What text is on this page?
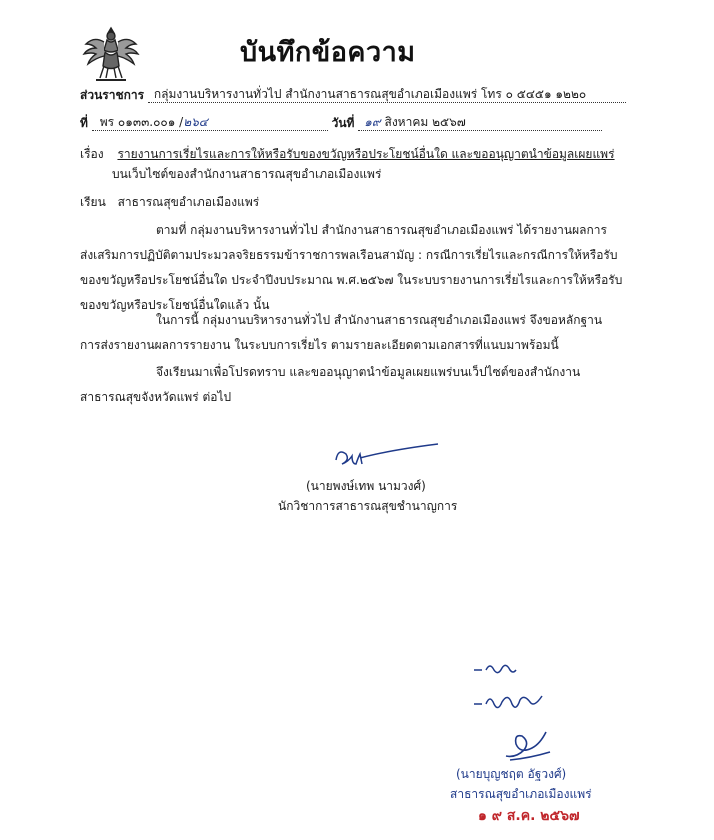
บันทึกข้อความ
ส่วนราชการ กลุ่มงานบริหารงานทั่วไป สำนักงานสาธารณสุขอำเภอเมืองแพร่ โทร ๐ ๕๔๕๑ ๑๒๒๐
ที่ พร ๐๑๓๓.๐๐๑ /๒๖๔	วันที่ ๑๙ สิงหาคม ๒๕๖๗
เรื่อง รายงานการเรี่ยไรและการให้หรือรับของขวัญหรือประโยชน์อื่นใด และขออนุญาตนำข้อมูลเผยแพร่
บนเว็บไซต์ของสำนักงานสาธารณสุขอำเภอเมืองแพร่
เรียน สาธารณสุขอำเภอเมืองแพร่
ตามที่ กลุ่มงานบริหารงานทั่วไป สำนักงานสาธารณสุขอำเภอเมืองแพร่ ได้รายงานผลการ
ส่งเสริมการปฏิบัติตามประมวลจริยธรรมข้าราชการพลเรือนสามัญ : กรณีการเรี่ยไรและกรณีการให้หรือรับ
ของขวัญหรือประโยชน์อื่นใด ประจำปีงบประมาณ พ.ศ.๒๕๖๗ ในระบบรายงานการเรี่ยไรและการให้หรือรับ
ของขวัญหรือประโยชน์อื่นใดแล้ว นั้น
ในการนี้ กลุ่มงานบริหารงานทั่วไป สำนักงานสาธารณสุขอำเภอเมืองแพร่ จึงขอหลักฐาน
การส่งรายงานผลการรายงาน ในระบบการเรี่ยไร ตามรายละเอียดตามเอกสารที่แนบมาพร้อมนี้
จึงเรียนมาเพื่อโปรดทราบ และขออนุญาตนำข้อมูลเผยแพร่บนเว็ปไซต์ของสำนักงาน
สาธารณสุขจังหวัดแพร่ ต่อไป
(นายพงษ์เทพ นามวงศ์)
นักวิชาการสาธารณสุขชำนาญการ
(นายบุญชฤต อัฐวงศ์)
สาธารณสุขอำเภอเมืองแพร่
๑ ๙ ส.ค. ๒๕๖๗
